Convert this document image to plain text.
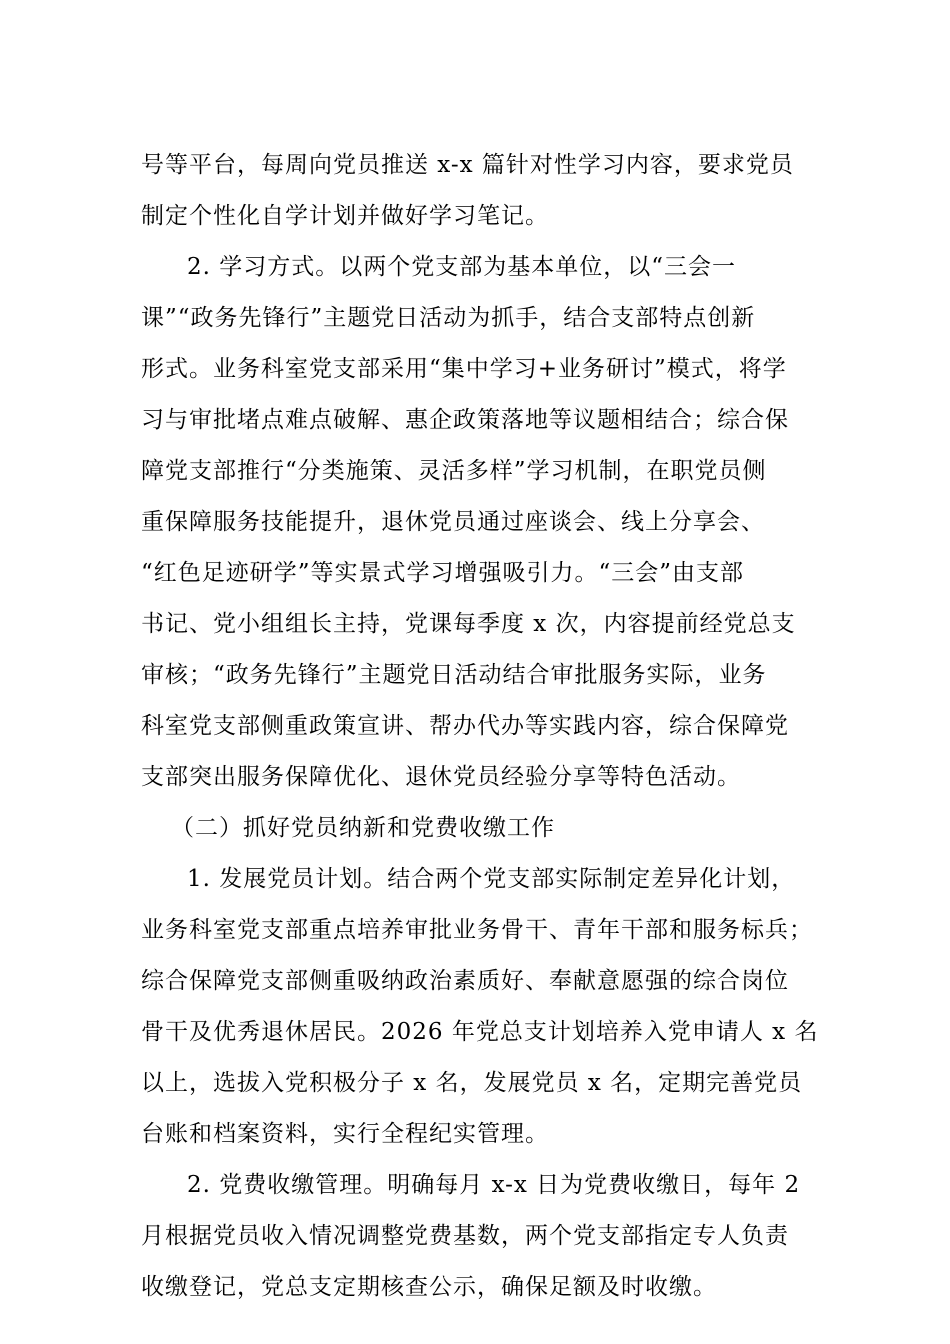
号等平台，每周向党员推送 x-x 篇针对性学习内容，要求党员
制定个性化自学计划并做好学习笔记。
2. 学习方式。以两个党支部为基本单位，以“三会一
课”“政务先锋行”主题党日活动为抓手，结合支部特点创新
形式。业务科室党支部采用“集中学习+业务研讨”模式，将学
习与审批堵点难点破解、惠企政策落地等议题相结合；综合保
障党支部推行“分类施策、灵活多样”学习机制，在职党员侧
重保障服务技能提升，退休党员通过座谈会、线上分享会、
“红色足迹研学”等实景式学习增强吸引力。“三会”由支部
书记、党小组组长主持，党课每季度 x 次，内容提前经党总支
审核；“政务先锋行”主题党日活动结合审批服务实际，业务
科室党支部侧重政策宣讲、帮办代办等实践内容，综合保障党
支部突出服务保障优化、退休党员经验分享等特色活动。
（二）抓好党员纳新和党费收缴工作
1. 发展党员计划。结合两个党支部实际制定差异化计划，
业务科室党支部重点培养审批业务骨干、青年干部和服务标兵；
综合保障党支部侧重吸纳政治素质好、奉献意愿强的综合岗位
骨干及优秀退休居民。2026 年党总支计划培养入党申请人 x 名
以上，选拔入党积极分子 x 名，发展党员 x 名，定期完善党员
台账和档案资料，实行全程纪实管理。
2. 党费收缴管理。明确每月 x-x 日为党费收缴日，每年 2
月根据党员收入情况调整党费基数，两个党支部指定专人负责
收缴登记，党总支定期核查公示，确保足额及时收缴。
